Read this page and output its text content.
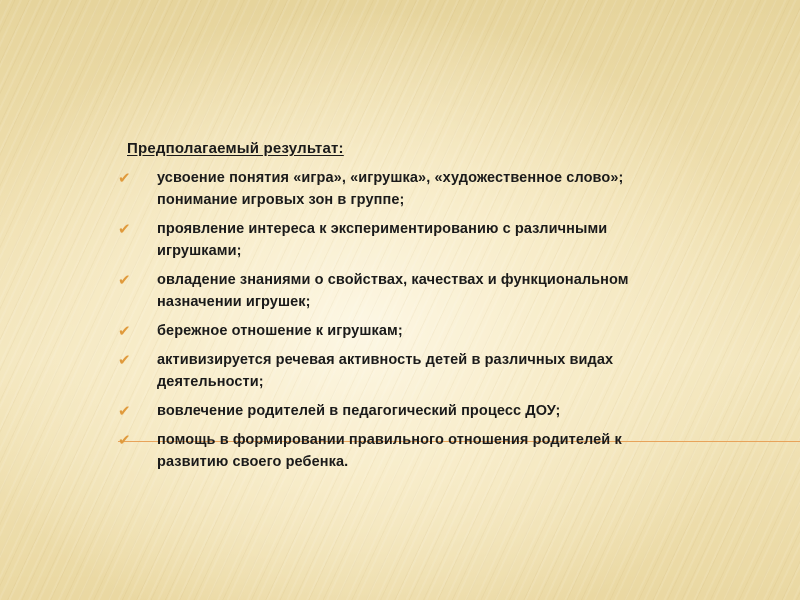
Предполагаемый результат:
✔	усвоение понятия «игра», «игрушка», «художественное слово»; понимание игровых зон в группе;
✔	проявление интереса к экспериментированию с различными игрушками;
✔	овладение знаниями о свойствах, качествах и функциональном назначении игрушек;
✔	бережное отношение к игрушкам;
✔	активизируется речевая активность детей в различных видах деятельности;
✔	вовлечение родителей в педагогический процесс ДОУ;
✔	помощь в формировании правильного отношения родителей к развитию своего ребенка.
